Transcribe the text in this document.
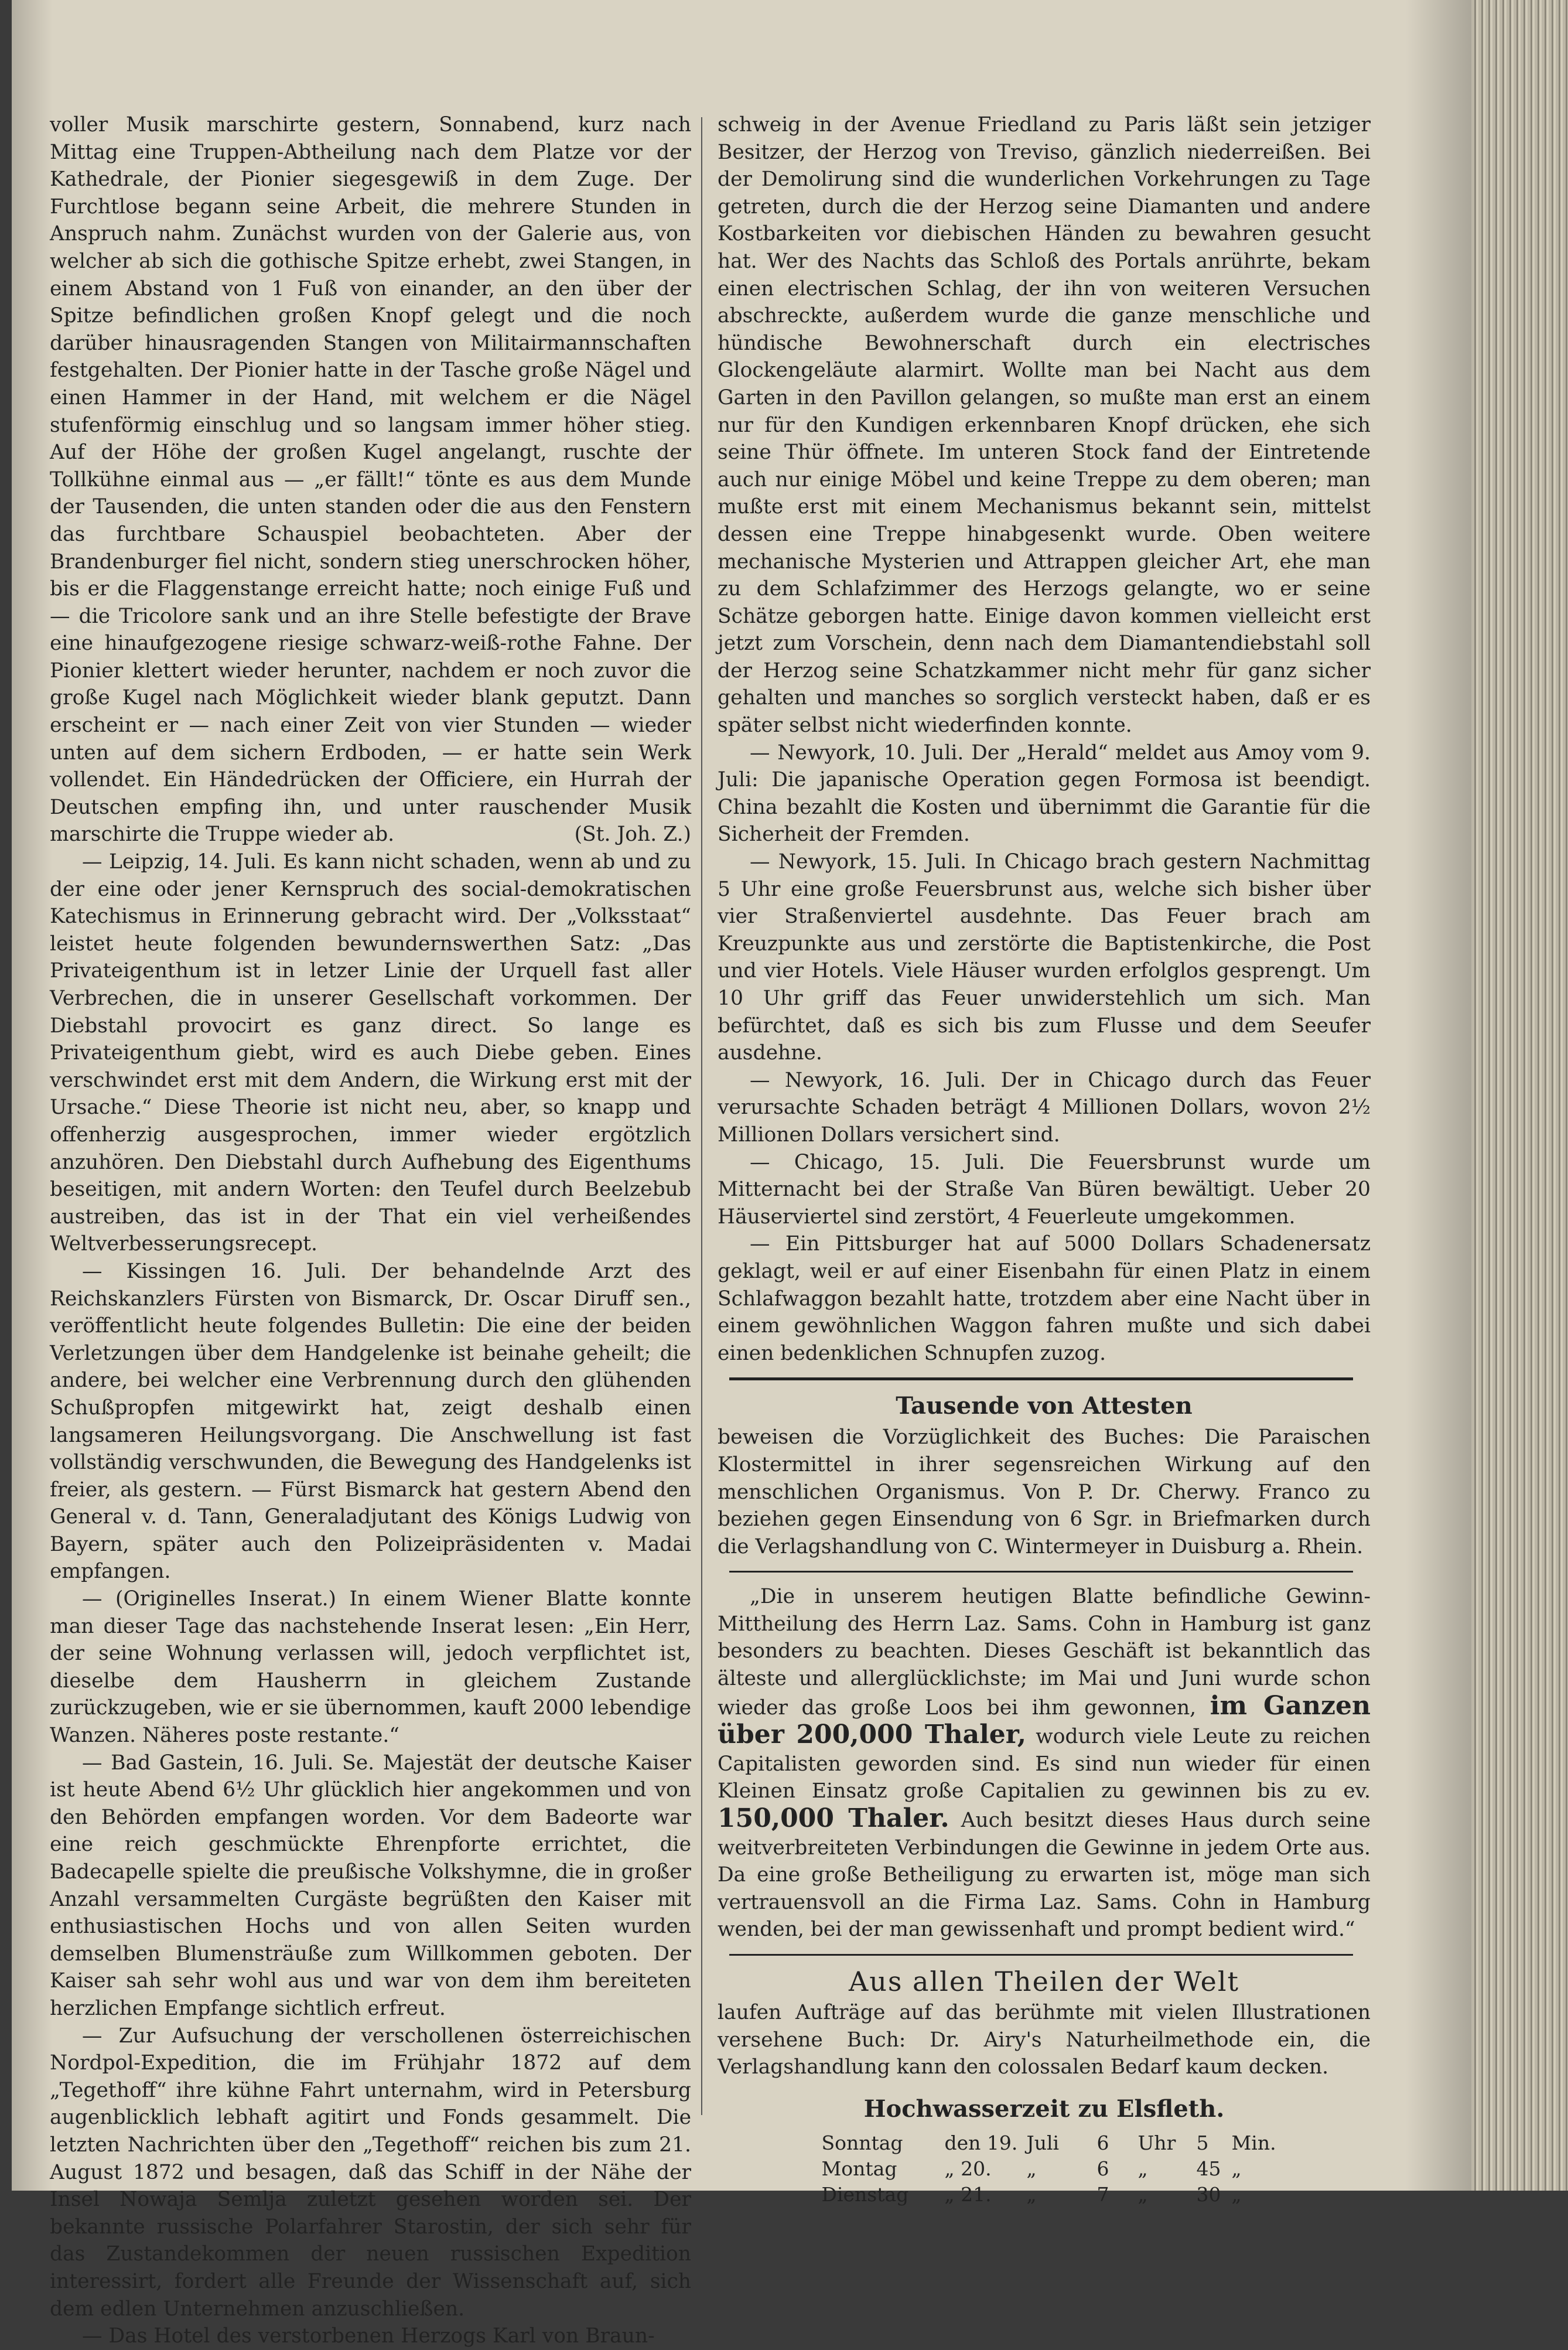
voller Musik marschirte gestern, Sonnabend, kurz nach Mittag eine Truppen-Abtheilung nach dem Platze vor der Kathedrale, der Pionier siegesgewiß in dem Zuge. Der Furchtlose begann seine Arbeit, die mehrere Stunden in Anspruch nahm. Zunächst wurden von der Galerie aus, von welcher ab sich die gothische Spitze erhebt, zwei Stangen, in einem Abstand von 1 Fuß von einander, an den über der Spitze befindlichen großen Knopf gelegt und die noch darüber hinausragenden Stangen von Militairmannschaften festgehalten. Der Pionier hatte in der Tasche große Nägel und einen Hammer in der Hand, mit welchem er die Nägel stufenförmig einschlug und so langsam immer höher stieg. Auf der Höhe der großen Kugel angelangt, ruschte der Tollkühne einmal aus — „er fällt!“ tönte es aus dem Munde der Tausenden, die unten standen oder die aus den Fenstern das furchtbare Schauspiel beobachteten. Aber der Brandenburger fiel nicht, sondern stieg unerschrocken höher, bis er die Flaggenstange erreicht hatte; noch einige Fuß und — die Tricolore sank und an ihre Stelle befestigte der Brave eine hinaufgezogene riesige schwarz-weiß-rothe Fahne. Der Pionier klettert wieder herunter, nachdem er noch zuvor die große Kugel nach Möglichkeit wieder blank geputzt. Dann erscheint er — nach einer Zeit von vier Stunden — wieder unten auf dem sichern Erdboden, — er hatte sein Werk vollendet. Ein Händedrücken der Officiere, ein Hurrah der Deutschen empfing ihn, und unter rauschender Musik marschirte die Truppe wieder ab.	(St. Joh. Z.)

— Leipzig, 14. Juli. Es kann nicht schaden, wenn ab und zu der eine oder jener Kernspruch des social-demokratischen Katechismus in Erinnerung gebracht wird. Der „Volksstaat“ leistet heute folgenden bewundernswerthen Satz: „Das Privateigenthum ist in letzer Linie der Urquell fast aller Verbrechen, die in unserer Gesellschaft vorkommen. Der Diebstahl provocirt es ganz direct. So lange es Privateigenthum giebt, wird es auch Diebe geben. Eines verschwindet erst mit dem Andern, die Wirkung erst mit der Ursache.“ Diese Theorie ist nicht neu, aber, so knapp und offenherzig ausgesprochen, immer wieder ergötzlich anzuhören. Den Diebstahl durch Aufhebung des Eigenthums beseitigen, mit andern Worten: den Teufel durch Beelzebub austreiben, das ist in der That ein viel verheißendes Weltverbesserungsrecept.

— Kissingen 16. Juli. Der behandelnde Arzt des Reichskanzlers Fürsten von Bismarck, Dr. Oscar Diruff sen., veröffentlicht heute folgendes Bulletin: Die eine der beiden Verletzungen über dem Handgelenke ist beinahe geheilt; die andere, bei welcher eine Verbrennung durch den glühenden Schußpropfen mitgewirkt hat, zeigt deshalb einen langsameren Heilungsvorgang. Die Anschwellung ist fast vollständig verschwunden, die Bewegung des Handgelenks ist freier, als gestern. — Fürst Bismarck hat gestern Abend den General v. d. Tann, Generaladjutant des Königs Ludwig von Bayern, später auch den Polizeipräsidenten v. Madai empfangen.

— (Originelles Inserat.) In einem Wiener Blatte konnte man dieser Tage das nachstehende Inserat lesen: „Ein Herr, der seine Wohnung verlassen will, jedoch verpflichtet ist, dieselbe dem Hausherrn in gleichem Zustande zurückzugeben, wie er sie übernommen, kauft 2000 lebendige Wanzen. Näheres poste restante.“

— Bad Gastein, 16. Juli. Se. Majestät der deutsche Kaiser ist heute Abend 6½ Uhr glücklich hier angekommen und von den Behörden empfangen worden. Vor dem Badeorte war eine reich geschmückte Ehrenpforte errichtet, die Badecapelle spielte die preußische Volkshymne, die in großer Anzahl versammelten Curgäste begrüßten den Kaiser mit enthusiastischen Hochs und von allen Seiten wurden demselben Blumensträuße zum Willkommen geboten. Der Kaiser sah sehr wohl aus und war von dem ihm bereiteten herzlichen Empfange sichtlich erfreut.

— Zur Aufsuchung der verschollenen österreichischen Nordpol-Expedition, die im Frühjahr 1872 auf dem „Tegethoff“ ihre kühne Fahrt unternahm, wird in Petersburg augenblicklich lebhaft agitirt und Fonds gesammelt. Die letzten Nachrichten über den „Tegethoff“ reichen bis zum 21. August 1872 und besagen, daß das Schiff in der Nähe der Insel Nowaja Semlja zuletzt gesehen worden sei. Der bekannte russische Polarfahrer Starostin, der sich sehr für das Zustandekommen der neuen russischen Expedition interessirt, fordert alle Freunde der Wissenschaft auf, sich dem edlen Unternehmen anzuschließen.

— Das Hotel des verstorbenen Herzogs Karl von Braun-

schweig in der Avenue Friedland zu Paris läßt sein jetziger Besitzer, der Herzog von Treviso, gänzlich niederreißen. Bei der Demolirung sind die wunderlichen Vorkehrungen zu Tage getreten, durch die der Herzog seine Diamanten und andere Kostbarkeiten vor diebischen Händen zu bewahren gesucht hat. Wer des Nachts das Schloß des Portals anrührte, bekam einen electrischen Schlag, der ihn von weiteren Versuchen abschreckte, außerdem wurde die ganze menschliche und hündische Bewohnerschaft durch ein electrisches Glockengeläute alarmirt. Wollte man bei Nacht aus dem Garten in den Pavillon gelangen, so mußte man erst an einem nur für den Kundigen erkennbaren Knopf drücken, ehe sich seine Thür öffnete. Im unteren Stock fand der Eintretende auch nur einige Möbel und keine Treppe zu dem oberen; man mußte erst mit einem Mechanismus bekannt sein, mittelst dessen eine Treppe hinabgesenkt wurde. Oben weitere mechanische Mysterien und Attrappen gleicher Art, ehe man zu dem Schlafzimmer des Herzogs gelangte, wo er seine Schätze geborgen hatte. Einige davon kommen vielleicht erst jetzt zum Vorschein, denn nach dem Diamantendiebstahl soll der Herzog seine Schatzkammer nicht mehr für ganz sicher gehalten und manches so sorglich versteckt haben, daß er es später selbst nicht wiederfinden konnte.

— Newyork, 10. Juli. Der „Herald“ meldet aus Amoy vom 9. Juli: Die japanische Operation gegen Formosa ist beendigt. China bezahlt die Kosten und übernimmt die Garantie für die Sicherheit der Fremden.

— Newyork, 15. Juli. In Chicago brach gestern Nachmittag 5 Uhr eine große Feuersbrunst aus, welche sich bisher über vier Straßenviertel ausdehnte. Das Feuer brach am Kreuzpunkte aus und zerstörte die Baptistenkirche, die Post und vier Hotels. Viele Häuser wurden erfolglos gesprengt. Um 10 Uhr griff das Feuer unwiderstehlich um sich. Man befürchtet, daß es sich bis zum Flusse und dem Seeufer ausdehne.

— Newyork, 16. Juli. Der in Chicago durch das Feuer verursachte Schaden beträgt 4 Millionen Dollars, wovon 2½ Millionen Dollars versichert sind.

— Chicago, 15. Juli. Die Feuersbrunst wurde um Mitternacht bei der Straße Van Büren bewältigt. Ueber 20 Häuserviertel sind zerstört, 4 Feuerleute umgekommen.

— Ein Pittsburger hat auf 5000 Dollars Schadenersatz geklagt, weil er auf einer Eisenbahn für einen Platz in einem Schlafwaggon bezahlt hatte, trotzdem aber eine Nacht über in einem gewöhnlichen Waggon fahren mußte und sich dabei einen bedenklichen Schnupfen zuzog.

Tausende von Attesten

beweisen die Vorzüglichkeit des Buches: Die Paraischen Klostermittel in ihrer segensreichen Wirkung auf den menschlichen Organismus. Von P. Dr. Cherwy. Franco zu beziehen gegen Einsendung von 6 Sgr. in Briefmarken durch die Verlagshandlung von C. Wintermeyer in Duisburg a. Rhein.

„Die in unserem heutigen Blatte befindliche Gewinn-Mittheilung des Herrn Laz. Sams. Cohn in Hamburg ist ganz besonders zu beachten. Dieses Geschäft ist bekanntlich das älteste und allerglücklichste; im Mai und Juni wurde schon wieder das große Loos bei ihm gewonnen, im Ganzen über 200,000 Thaler, wodurch viele Leute zu reichen Capitalisten geworden sind. Es sind nun wieder für einen Kleinen Einsatz große Capitalien zu gewinnen bis zu ev. 150,000 Thaler. Auch besitzt dieses Haus durch seine weitverbreiteten Verbindungen die Gewinne in jedem Orte aus. Da eine große Betheiligung zu erwarten ist, möge man sich vertrauensvoll an die Firma Laz. Sams. Cohn in Hamburg wenden, bei der man gewissenhaft und prompt bedient wird.“

Aus allen Theilen der Welt

laufen Aufträge auf das berühmte mit vielen Illustrationen versehene Buch: Dr. Airy's Naturheilmethode ein, die Verlagshandlung kann den colossalen Bedarf kaum decken.

Hochwasserzeit zu Elsfleth.
Sonntag	den 19. Juli	6	Uhr	5	Min.
Montag	„ 20.	„	6	„	45 „
Dienstag	„ 21.	„	7	„	30 „
